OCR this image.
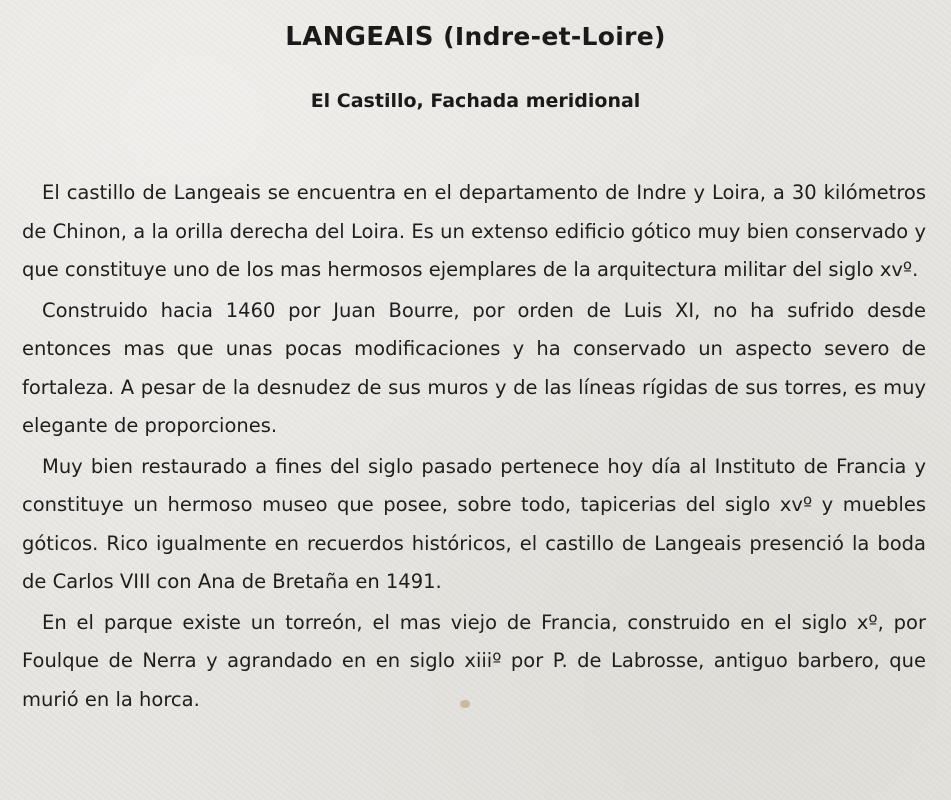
LANGEAIS (Indre-et-Loire)
El Castillo, Fachada meridional

El castillo de Langeais se encuentra en el departamento de Indre y Loira, a 30 kilómetros de Chinon, a la orilla derecha del Loira. Es un extenso edificio gótico muy bien conservado y que constituye uno de los mas hermosos ejemplares de la arquitectura militar del siglo xvº.

Construido hacia 1460 por Juan Bourre, por orden de Luis XI, no ha sufrido desde entonces mas que unas pocas modificaciones y ha conservado un aspecto severo de fortaleza. A pesar de la desnudez de sus muros y de las líneas rígidas de sus torres, es muy elegante de proporciones.

Muy bien restaurado a fines del siglo pasado pertenece hoy día al Instituto de Francia y constituye un hermoso museo que posee, sobre todo, tapicerias del siglo xvº y muebles góticos. Rico igualmente en recuerdos históricos, el castillo de Langeais presenció la boda de Carlos VIII con Ana de Bretaña en 1491.

En el parque existe un torreón, el mas viejo de Francia, construido en el siglo xº, por Foulque de Nerra y agrandado en en siglo xiiiº por P. de Labrosse, antiguo barbero, que murió en la horca.
